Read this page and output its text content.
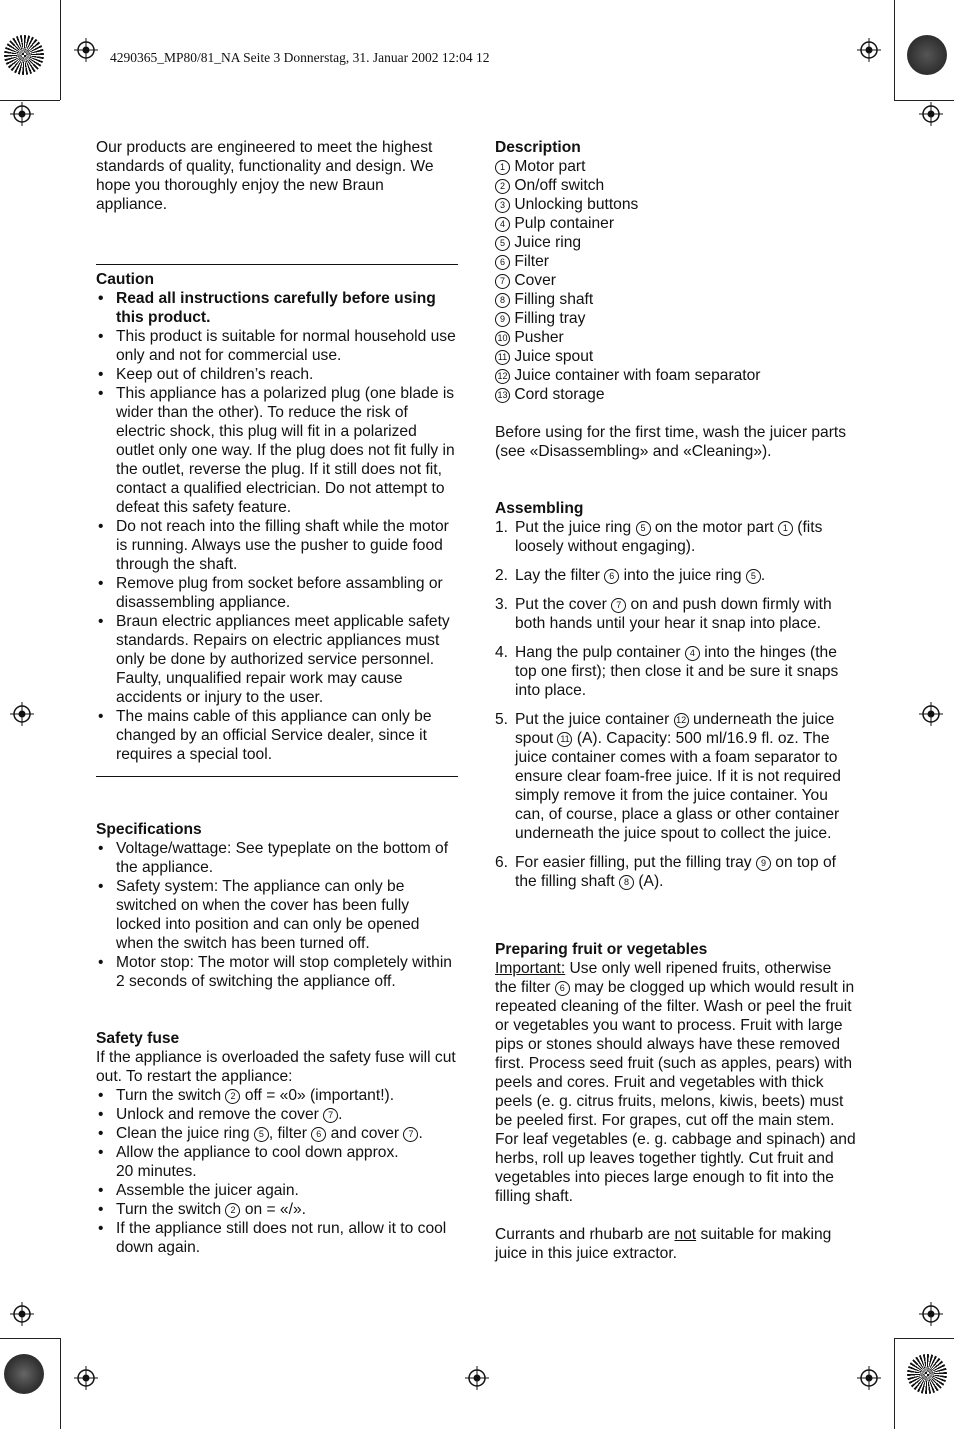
4290365_MP80/81_NA Seite 3 Donnerstag, 31. Januar 2002 12:04 12

Our products are engineered to meet the highest standards of quality, functionality and design. We hope you thoroughly enjoy the new Braun appliance.

Caution

• Read all instructions carefully before using this product.
• This product is suitable for normal household use only and not for commercial use.
• Keep out of children’s reach.
• This appliance has a polarized plug (one blade is wider than the other). To reduce the risk of electric shock, this plug will fit in a polarized outlet only one way. If the plug does not fit fully in the outlet, reverse the plug. If it still does not fit, contact a qualified electrician. Do not attempt to defeat this safety feature.
• Do not reach into the filling shaft while the motor is running. Always use the pusher to guide food through the shaft.
• Remove plug from socket before assambling or disassembling appliance.
• Braun electric appliances meet applicable safety standards. Repairs on electric appliances must only be done by authorized service personnel. Faulty, unqualified repair work may cause accidents or injury to the user.
• The mains cable of this appliance can only be changed by an official Service dealer, since it requires a special tool.

Specifications

• Voltage/wattage: See typeplate on the bottom of the appliance.
• Safety system: The appliance can only be switched on when the cover has been fully locked into position and can only be opened when the switch has been turned off.
• Motor stop: The motor will stop completely within 2 seconds of switching the appliance off.

Safety fuse

If the appliance is overloaded the safety fuse will cut out. To restart the appliance:

• Turn the switch 2 off = «0» (important!).
• Unlock and remove the cover 7 .
• Clean the juice ring 5 , filter 6 and cover 7 .
• Allow the appliance to cool down approx.
20 minutes.
• Assemble the juicer again.
• Turn the switch 2 on = «/».
• If the appliance still does not run, allow it to cool down again.

Description

1 Motor part
2 On/off switch
3 Unlocking buttons
4 Pulp container
5 Juice ring
6 Filter
7 Cover
8 Filling shaft
9 Filling tray
10 Pusher
11 Juice spout
12 Juice container with foam separator
13 Cord storage

Before using for the first time, wash the juicer parts (see «Disassembling» and «Cleaning»).

Assembling

1. Put the juice ring 5 on the motor part 1 (fits loosely without engaging).
2. Lay the filter 6 into the juice ring 5 .
3. Put the cover 7 on and push down firmly with both hands until your hear it snap into place.
4. Hang the pulp container 4 into the hinges (the top one first); then close it and be sure it snaps into place.
5. Put the juice container 12 underneath the juice spout 11 (A). Capacity: 500 ml/16.9 fl. oz. The juice container comes with a foam separator to ensure clear foam-free juice. If it is not required simply remove it from the juice container. You can, of course, place a glass or other container underneath the juice spout to collect the juice.
6. For easier filling, put the filling tray 9 on top of the filling shaft 8 (A).

Preparing fruit or vegetables

Important: Use only well ripened fruits, otherwise the filter 6 may be clogged up which would result in repeated cleaning of the filter. Wash or peel the fruit or vegetables you want to process. Fruit with large pips or stones should always have these removed first. Process seed fruit (such as apples, pears) with peels and cores. Fruit and vegetables with thick peels (e. g. citrus fruits, melons, kiwis, beets) must be peeled first. For grapes, cut off the main stem. For leaf vegetables (e. g. cabbage and spinach) and herbs, roll up leaves together tightly. Cut fruit and vegetables into pieces large enough to fit into the filling shaft.

Currants and rhubarb are not suitable for making juice in this juice extractor.
